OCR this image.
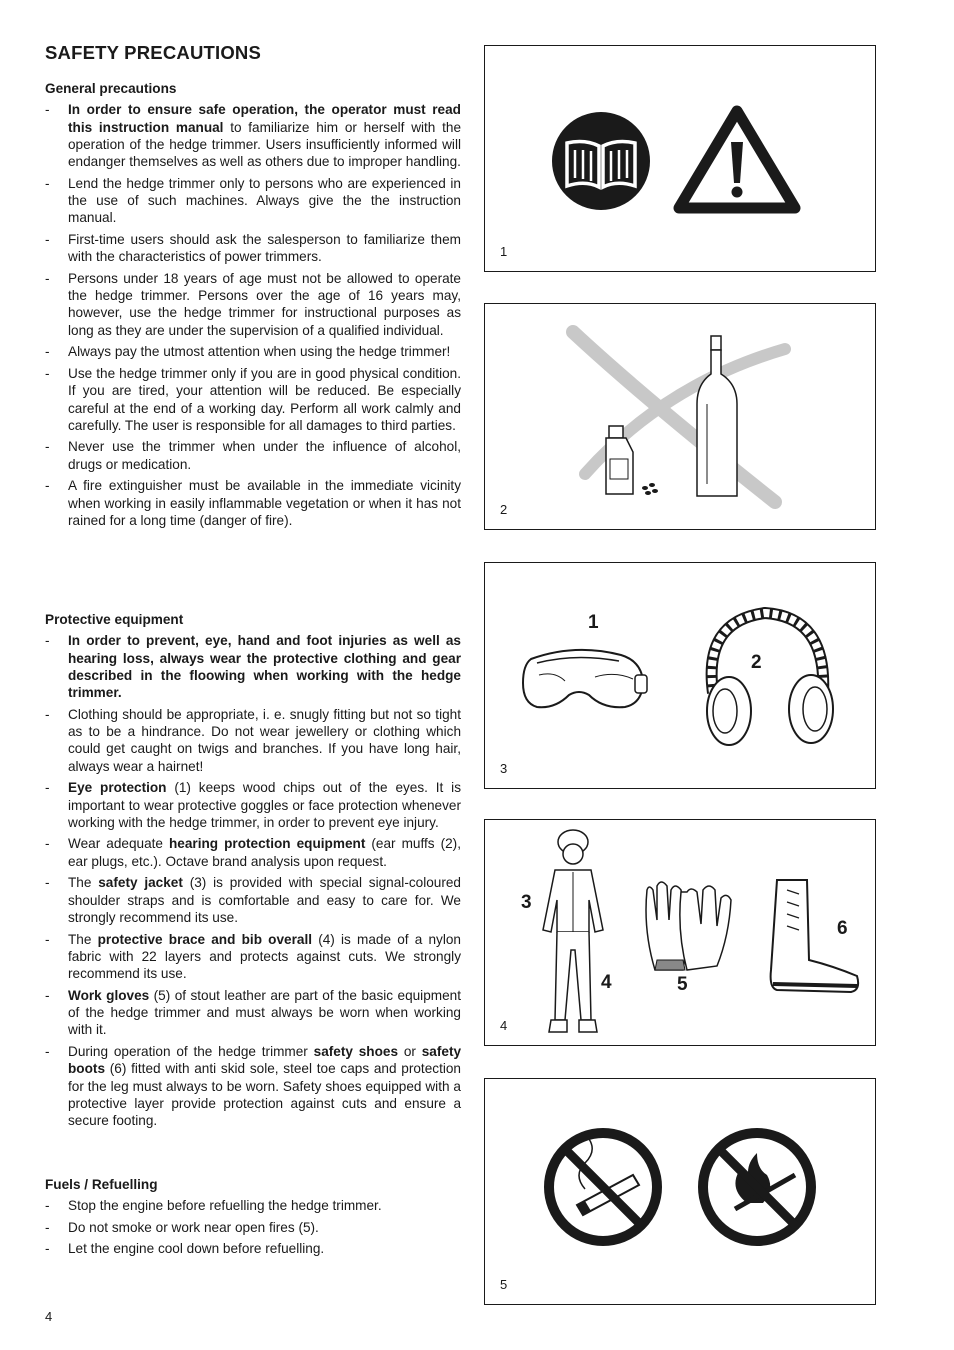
SAFETY PRECAUTIONS
General precautions
- In order to ensure safe operation, the operator must read this instruction manual to familiarize him or herself with the operation of the hedge trimmer. Users insufficiently informed will endanger themselves as well as others due to improper handling.
- Lend the hedge trimmer only to persons who are experienced in the use of such machines. Always give the the instruction manual.
- First-time users should ask the salesperson to familiarize them with the characteristics of power trimmers.
- Persons under 18 years of age must not be allowed to operate the hedge trimmer. Persons over the age of 16 years may, however, use the hedge trimmer for instructional purposes as long as they are under the supervision of a qualified individual.
- Always pay the utmost attention when using the hedge trimmer!
- Use the hedge trimmer only if you are in good physical condition. If you are tired, your attention will be reduced. Be especially careful at the end of a working day. Perform all work calmly and carefully. The user is responsible for all damages to third parties.
- Never use the trimmer when under the influence of alcohol, drugs or medication.
- A fire extinguisher must be available in the immediate vicinity when working in easily inflammable vegetation or when it has not rained for a long time (danger of fire).
Protective equipment
- In order to prevent, eye, hand and foot injuries as well as hearing loss, always wear the protective clothing and gear described in the floowing when working with the hedge trimmer.
- Clothing should be appropriate, i. e. snugly fitting but not so tight as to be a hindrance. Do not wear jewellery or clothing which could get caught on twigs and branches. If you have long hair, always wear a hairnet!
- Eye protection (1) keeps wood chips out of the eyes. It is important to wear protective goggles or face protection whenever working with the hedge trimmer, in order to prevent eye injury.
- Wear adequate hearing protection equipment (ear muffs (2), ear plugs, etc.). Octave brand analysis upon request.
- The safety jacket (3) is provided with special signal-coloured shoulder straps and is comfortable and easy to care for. We strongly recommend its use.
- The protective brace and bib overall (4) is made of a nylon fabric with 22 layers and protects against cuts. We strongly recommend its use.
- Work gloves (5) of stout leather are part of the basic equipment of the hedge trimmer and must always be worn when working with it.
- During operation of the hedge trimmer safety shoes or safety boots (6) fitted with anti skid sole, steel toe caps and protection for the leg must always to be worn. Safety shoes equipped with a protective layer provide protection against cuts and ensure a secure footing.
Fuels / Refuelling
- Stop the engine before refuelling the hedge trimmer.
- Do not smoke or work near open fires (5).
- Let the engine cool down before refuelling.
1
2
1
2
3
3
4	5
6
4
5
4
